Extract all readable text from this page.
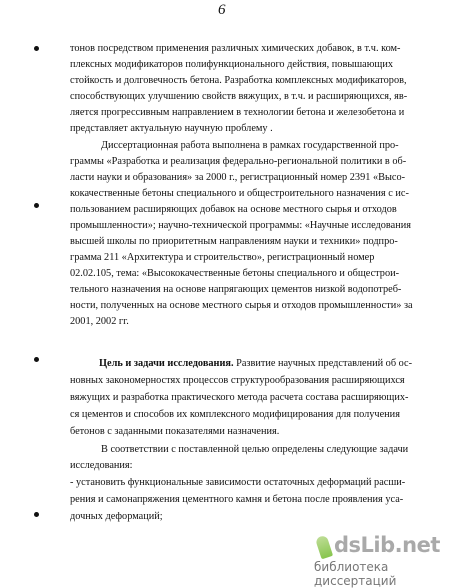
6
тонов посредством применения различных химических добавок, в т.ч. ком-
плексных модификаторов полифункционального действия, повышающих
стойкость и долговечность бетона. Разработка комплексных модификаторов,
способствующих улучшению свойств вяжущих, в т.ч. и расширяющихся, яв-
ляется прогрессивным направлением в технологии бетона и железобетона и
представляет актуальную научную проблему .
Диссертационная работа выполнена в рамках государственной про-
граммы «Разработка и реализация федерально-региональной политики в об-
ласти науки и образования» за 2000 г., регистрационный номер 2391 «Высо-
кокачественные бетоны специального и общестроительного назначения с ис-
пользованием расширяющих добавок на основе местного сырья и отходов
промышленности»; научно-технической программы: «Научные исследования
высшей школы по приоритетным направлениям науки и техники» подпро-
грамма 211 «Архитектура и строительство», регистрационный номер
02.02.105, тема: «Высококачественные бетоны специального и общестрои-
тельного назначения на основе напрягающих цементов низкой водопотреб-
ности, полученных на основе местного сырья и отходов промышленности» за
2001, 2002 гг.
Цель и задачи исследования. Развитие научных представлений об ос-
новных закономерностях процессов структурообразования расширяющихся
вяжущих и разработка практического метода расчета состава расширяющих-
ся цементов и способов их комплексного модифицирования для получения
бетонов с заданными показателями назначения.
В соответствии с поставленной целью определены следующие задачи
исследования:
- установить функциональные зависимости остаточных деформаций расши-
рения и самонапряжения цементного камня и бетона после проявления уса-
дочных деформаций;
dsLib.net
библиотека диссертаций
